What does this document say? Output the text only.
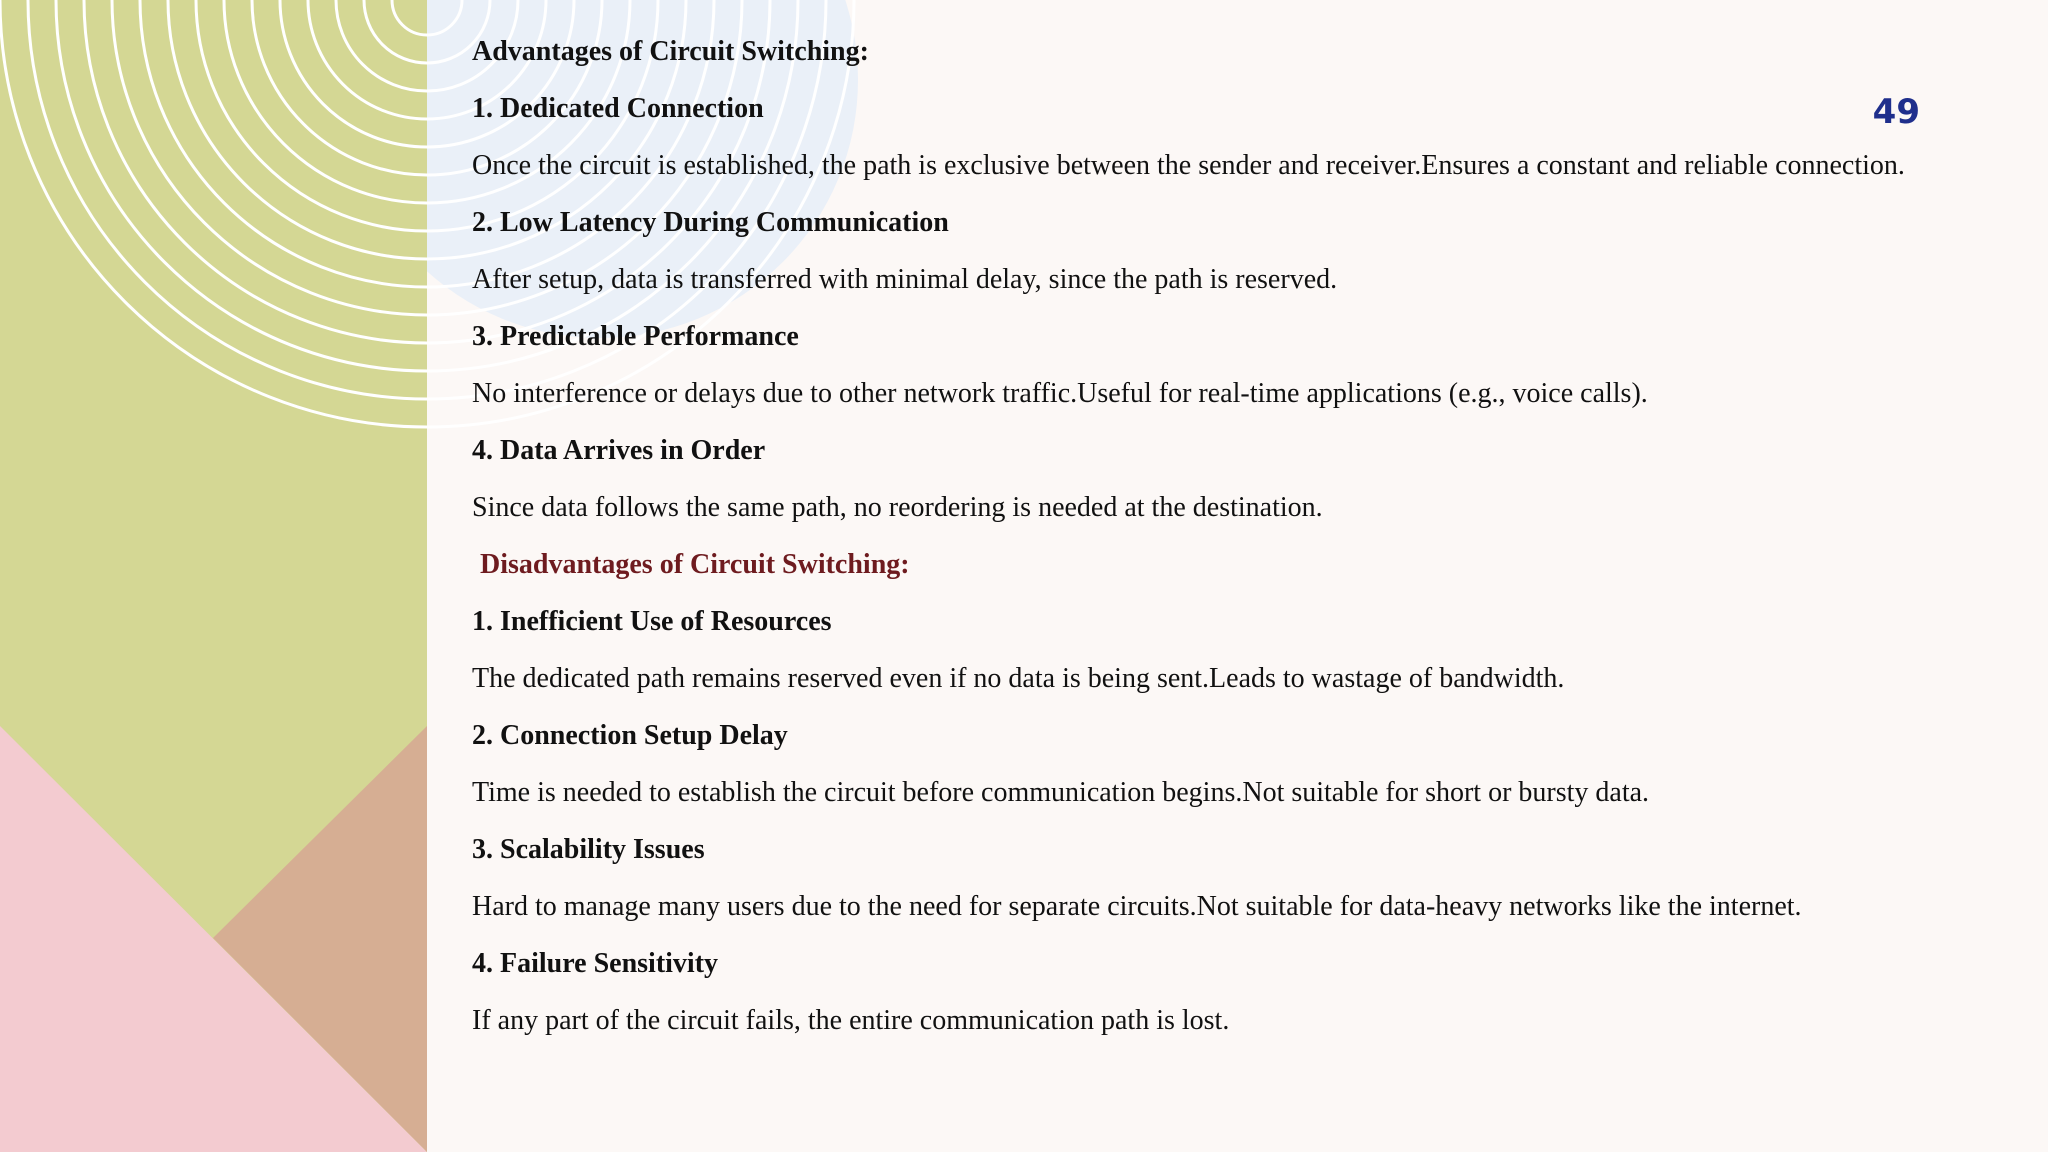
49

Advantages of Circuit Switching:

1. Dedicated Connection

Once the circuit is established, the path is exclusive between the sender and receiver.Ensures a constant and reliable connection.

2. Low Latency During Communication

After setup, data is transferred with minimal delay, since the path is reserved.

3. Predictable Performance

No interference or delays due to other network traffic.Useful for real-time applications (e.g., voice calls).

4. Data Arrives in Order

Since data follows the same path, no reordering is needed at the destination.

Disadvantages of Circuit Switching:

1. Inefficient Use of Resources

The dedicated path remains reserved even if no data is being sent.Leads to wastage of bandwidth.

2. Connection Setup Delay

Time is needed to establish the circuit before communication begins.Not suitable for short or bursty data.

3. Scalability Issues

Hard to manage many users due to the need for separate circuits.Not suitable for data-heavy networks like the internet.

4. Failure Sensitivity

If any part of the circuit fails, the entire communication path is lost.
